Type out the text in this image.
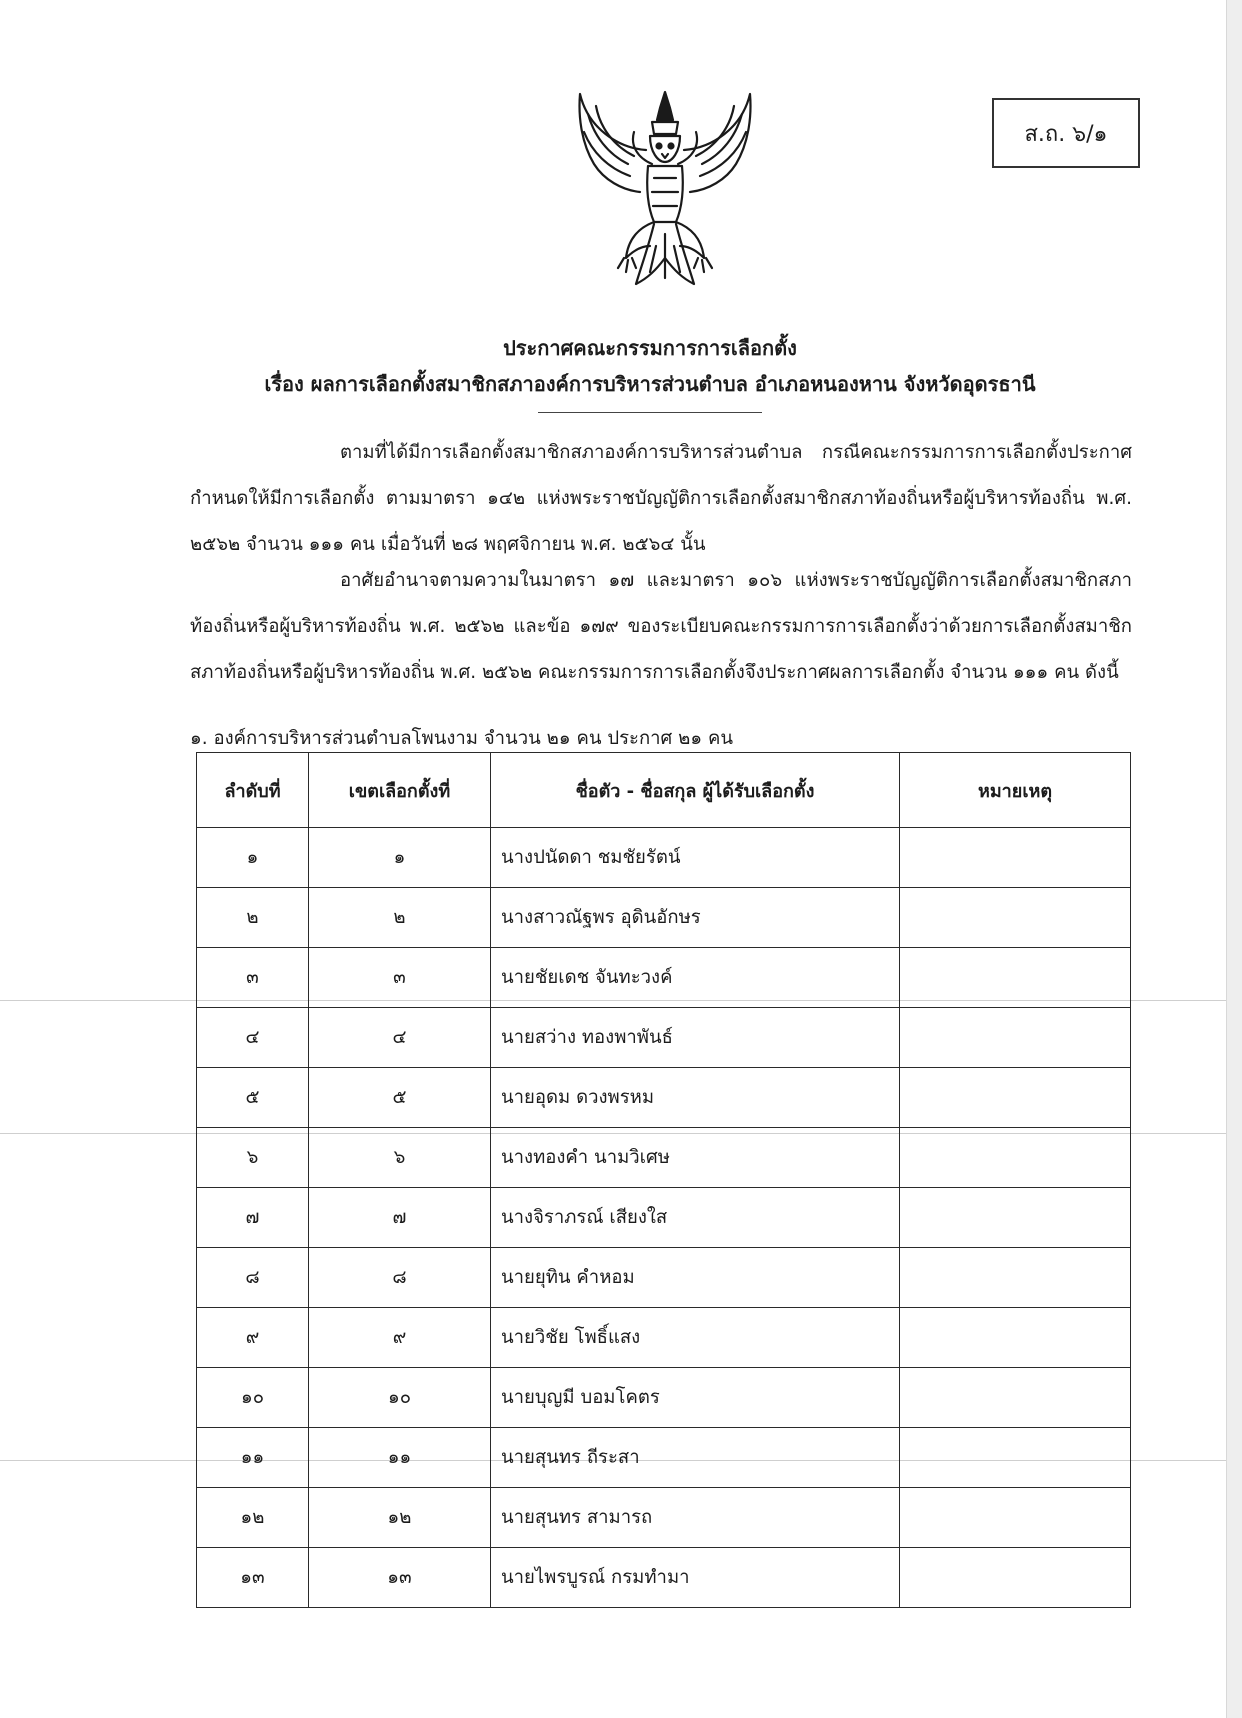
ส.ถ. ๖/๑
ประกาศคณะกรรมการการเลือกตั้ง
เรื่อง ผลการเลือกตั้งสมาชิกสภาองค์การบริหารส่วนตำบล อำเภอหนองหาน จังหวัดอุดรธานี
ตามที่ได้มีการเลือกตั้งสมาชิกสภาองค์การบริหารส่วนตำบล กรณีคณะกรรมการการเลือกตั้งประกาศกำหนดให้มีการเลือกตั้ง ตามมาตรา ๑๔๒ แห่งพระราชบัญญัติการเลือกตั้งสมาชิกสภาท้องถิ่นหรือผู้บริหารท้องถิ่น พ.ศ. ๒๕๖๒ จำนวน ๑๑๑ คน เมื่อวันที่ ๒๘ พฤศจิกายน พ.ศ. ๒๕๖๔ นั้น
อาศัยอำนาจตามความในมาตรา ๑๗ และมาตรา ๑๐๖ แห่งพระราชบัญญัติการเลือกตั้งสมาชิกสภาท้องถิ่นหรือผู้บริหารท้องถิ่น พ.ศ. ๒๕๖๒ และข้อ ๑๗๙ ของระเบียบคณะกรรมการการเลือกตั้งว่าด้วยการเลือกตั้งสมาชิกสภาท้องถิ่นหรือผู้บริหารท้องถิ่น พ.ศ. ๒๕๖๒ คณะกรรมการการเลือกตั้งจึงประกาศผลการเลือกตั้ง จำนวน ๑๑๑ คน ดังนี้
๑. องค์การบริหารส่วนตำบลโพนงาม จำนวน ๒๑ คน ประกาศ ๒๑ คน
ลำดับที่	เขตเลือกตั้งที่	ชื่อตัว - ชื่อสกุล ผู้ได้รับเลือกตั้ง	หมายเหตุ
๑	๑	นางปนัดดา ชมชัยรัตน์	
๒	๒	นางสาวณัฐพร อุดินอักษร	
๓	๓	นายชัยเดช จันทะวงค์	
๔	๔	นายสว่าง ทองพาพันธ์	
๕	๕	นายอุดม ดวงพรหม	
๖	๖	นางทองคำ นามวิเศษ	
๗	๗	นางจิราภรณ์ เสียงใส	
๘	๘	นายยุทิน คำหอม	
๙	๙	นายวิชัย โพธิ์แสง	
๑๐	๑๐	นายบุญมี บอมโคตร	
๑๑	๑๑	นายสุนทร ถีระสา	
๑๒	๑๒	นายสุนทร สามารถ	
๑๓	๑๓	นายไพรบูรณ์ กรมทำมา	
